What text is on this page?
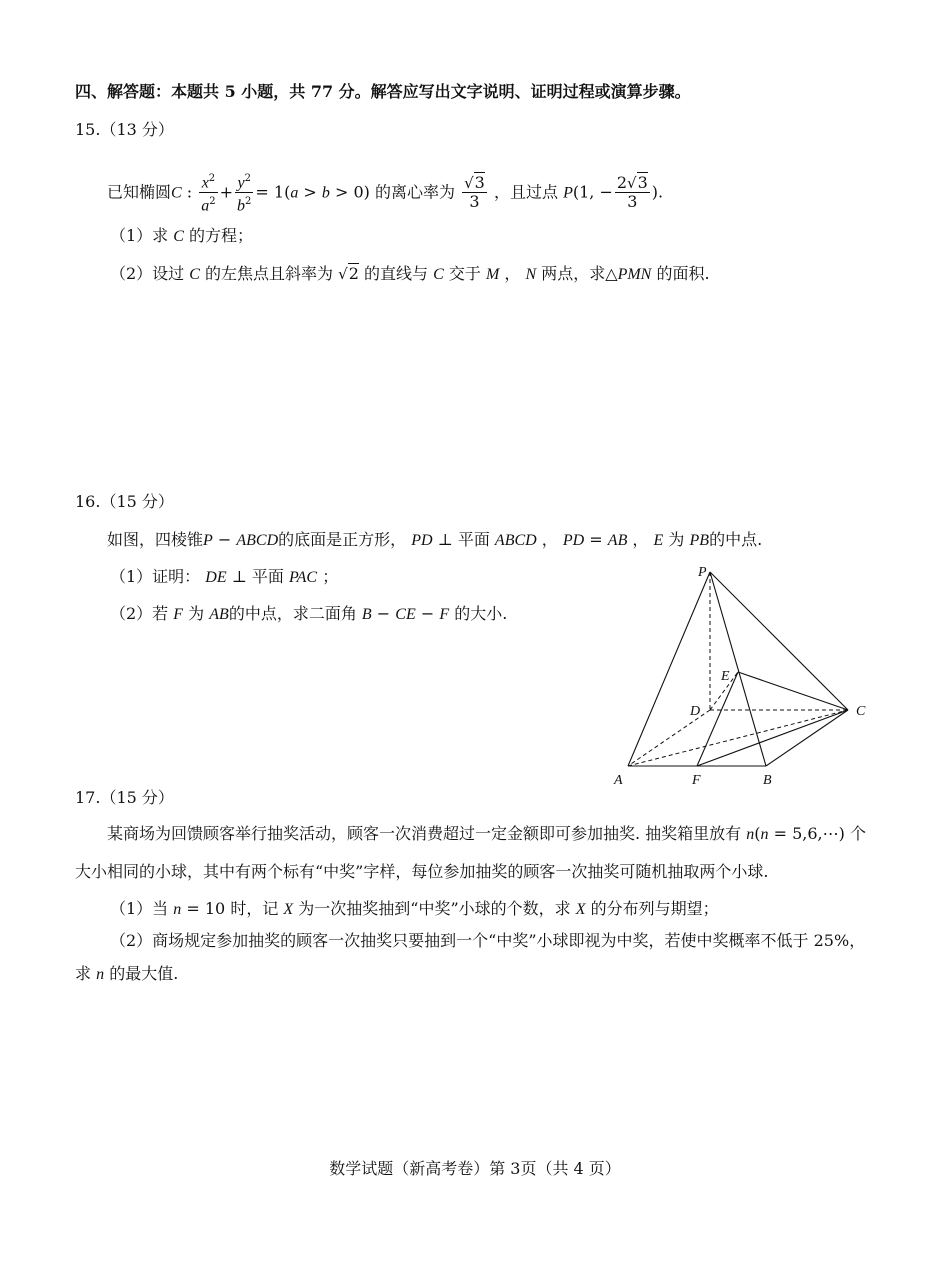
四、解答题：本题共 5 小题，共 77 分。解答应写出文字说明、证明过程或演算步骤。
15.（13 分）
已知椭圆C : $\frac{x^2}{a^2} + \frac{y^2}{b^2} = 1(a > b > 0)$ 的离心率为 $\frac{√3}{3}$ ，且过点 P(1, − $\frac{2√3}{3}$ ).
（1）求 C 的方程；
（2）设过 C 的左焦点且斜率为 √2 的直线与 C 交于 M ， N 两点，求△PMN 的面积.
16.（15 分）
如图，四棱锥P − ABCD的底面是正方形， PD ⊥ 平面 ABCD ， PD = AB ， E 为 PB的中点.
（1）证明： DE ⊥ 平面 PAC ；
（2）若 F 为 AB的中点，求二面角 B − CE − F 的大小.
P
E
D	C
A	F	B
17.（15 分）
某商场为回馈顾客举行抽奖活动，顾客一次消费超过一定金额即可参加抽奖. 抽奖箱里放有 n(n = 5,6,⋯) 个
大小相同的小球，其中有两个标有“中奖”字样，每位参加抽奖的顾客一次抽奖可随机抽取两个小球.
（1）当 n = 10 时，记 X 为一次抽奖抽到“中奖”小球的个数，求 X 的分布列与期望；
（2）商场规定参加抽奖的顾客一次抽奖只要抽到一个“中奖”小球即视为中奖，若使中奖概率不低于 25%，
求 n 的最大值.
数学试题（新高考卷）第 3页（共 4 页）
